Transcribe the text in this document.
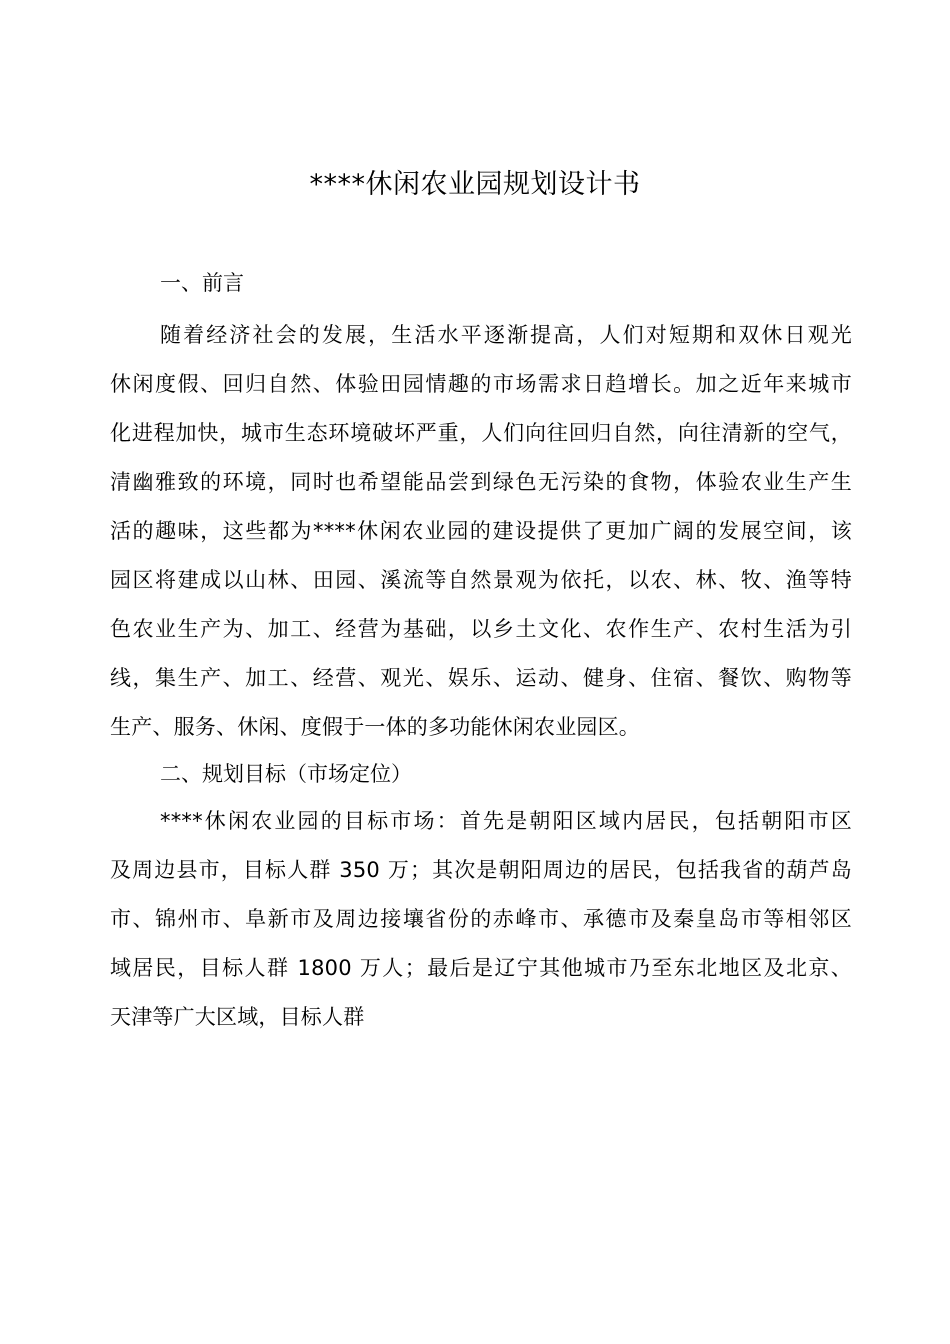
****休闲农业园规划设计书
一、前言
随着经济社会的发展，生活水平逐渐提高，人们对短期和双休日观光
休闲度假、回归自然、体验田园情趣的市场需求日趋增长。加之近年来城市
化进程加快，城市生态环境破坏严重，人们向往回归自然，向往清新的空气，
清幽雅致的环境，同时也希望能品尝到绿色无污染的食物，体验农业生产生
活的趣味，这些都为****休闲农业园的建设提供了更加广阔的发展空间，该
园区将建成以山林、田园、溪流等自然景观为依托，以农、林、牧、渔等特
色农业生产为、加工、经营为基础，以乡土文化、农作生产、农村生活为引
线，集生产、加工、经营、观光、娱乐、运动、健身、住宿、餐饮、购物等
生产、服务、休闲、度假于一体的多功能休闲农业园区。
二、规划目标（市场定位）
****休闲农业园的目标市场：首先是朝阳区域内居民，包括朝阳市区
及周边县市，目标人群 350 万；其次是朝阳周边的居民，包括我省的葫芦岛
市、锦州市、阜新市及周边接壤省份的赤峰市、承德市及秦皇岛市等相邻区
域居民，目标人群 1800 万人；最后是辽宁其他城市乃至东北地区及北京、
天津等广大区域，目标人群
